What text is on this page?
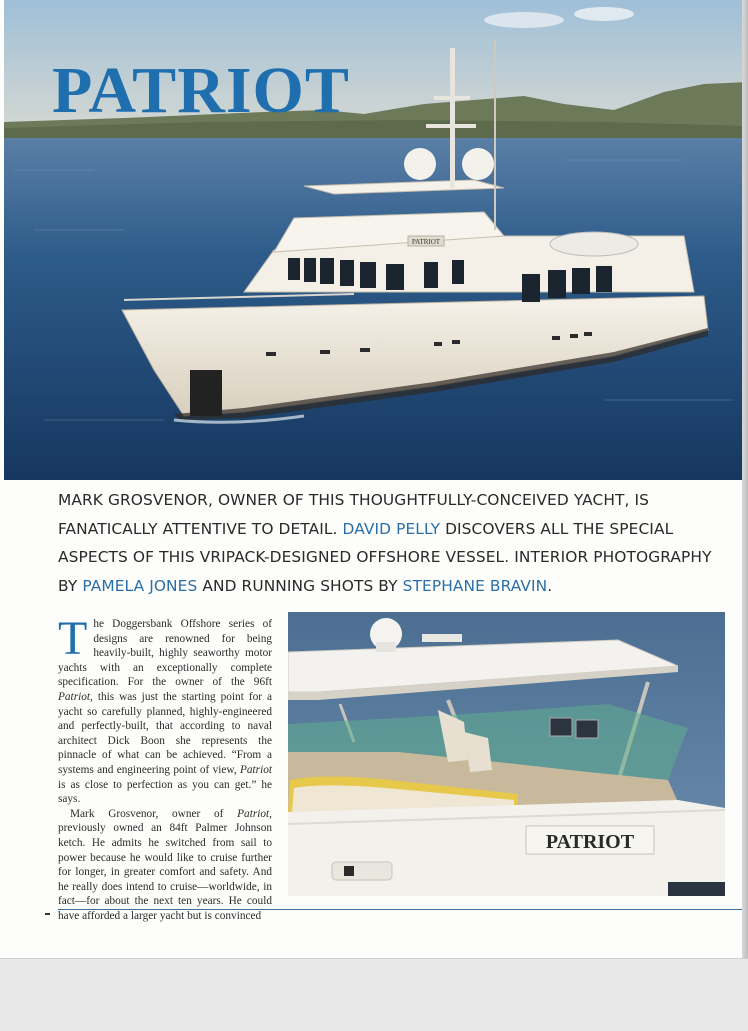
PATRIOT
PATRIOT
MARK GROSVENOR, OWNER OF THIS THOUGHTFULLY-CONCEIVED YACHT, IS FANATICALLY ATTENTIVE TO DETAIL. DAVID PELLY DISCOVERS ALL THE SPECIAL ASPECTS OF THIS VRIPACK-DESIGNED OFFSHORE VESSEL. INTERIOR PHOTOGRAPHY BY PAMELA JONES AND RUNNING SHOTS BY STEPHANE BRAVIN.

The Doggersbank Offshore series of designs are renowned for being heavily-built, highly seaworthy motor yachts with an exceptionally complete specification. For the owner of the 96ft Patriot, this was just the starting point for a yacht so carefully planned, highly-engineered and perfectly-built, that according to naval architect Dick Boon she represents the pinnacle of what can be achieved. “From a systems and engineering point of view, Patriot is as close to perfection as you can get.” he says.

Mark Grosvenor, owner of Patriot, previously owned an 84ft Palmer Johnson ketch. He admits he switched from sail to power because he would like to cruise further for longer, in greater comfort and safety. And he really does intend to cruise—worldwide, in fact—for about the next ten years. He could have afforded a larger yacht but is convinced

PATRIOT
